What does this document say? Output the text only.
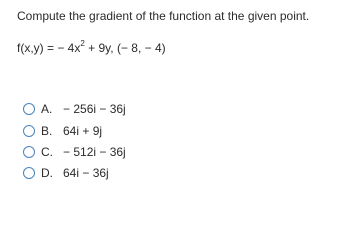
Compute the gradient of the function at the given point.
f(x,y) = − $4x^2 + 9y$, (− 8, − 4)
A. − 256i − 36j
B. 64i + 9j
C. − 512i − 36j
D. 64i − 36j
